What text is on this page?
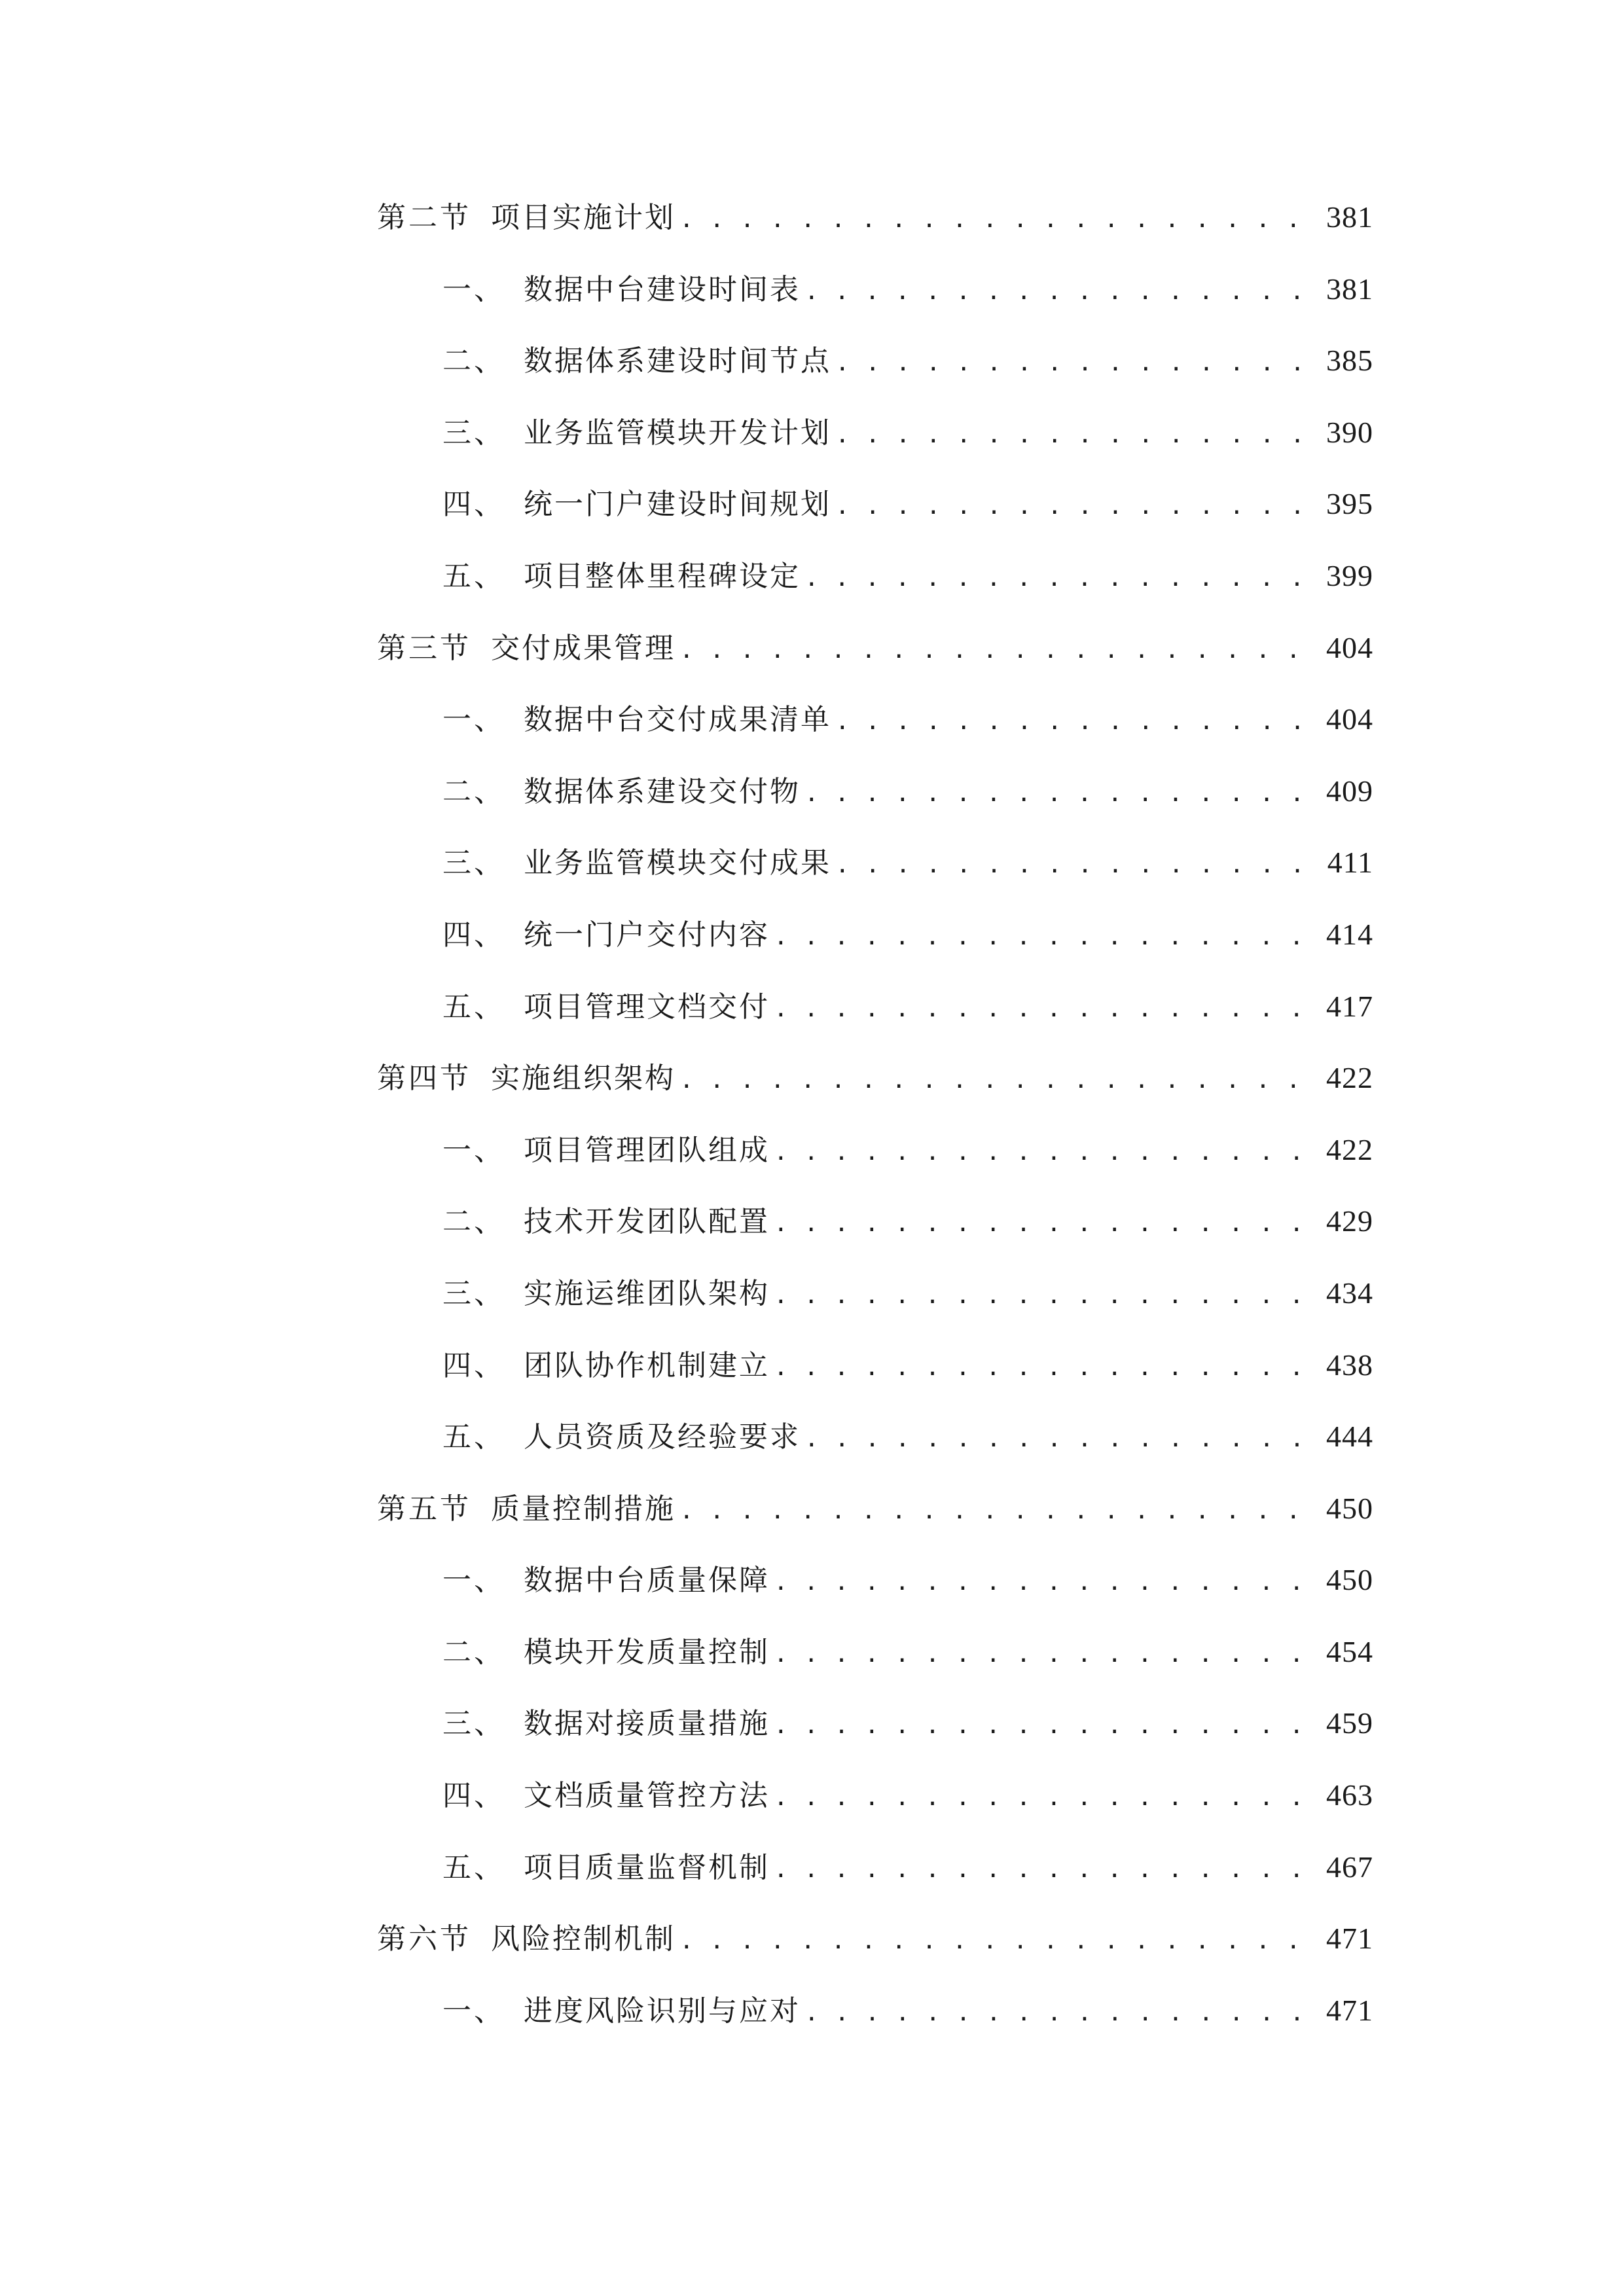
第二节 项目实施计划 . . .	381
一、 数据中台建设时间表 . . .	381
二、 数据体系建设时间节点 . . .	385
三、 业务监管模块开发计划 . . .	390
四、 统一门户建设时间规划 . . .	395
五、 项目整体里程碑设定 . . .	399
第三节 交付成果管理 . . .	404
一、 数据中台交付成果清单 . . .	404
二、 数据体系建设交付物 . . .	409
三、 业务监管模块交付成果 . . .	411
四、 统一门户交付内容 . . .	414
五、 项目管理文档交付 . . .	417
第四节 实施组织架构 . . .	422
一、 项目管理团队组成 . . .	422
二、 技术开发团队配置 . . .	429
三、 实施运维团队架构 . . .	434
四、 团队协作机制建立 . . .	438
五、 人员资质及经验要求 . . .	444
第五节 质量控制措施 . . .	450
一、 数据中台质量保障 . . .	450
二、 模块开发质量控制 . . .	454
三、 数据对接质量措施 . . .	459
四、 文档质量管控方法 . . .	463
五、 项目质量监督机制 . . .	467
第六节 风险控制机制 . . .	471
一、 进度风险识别与应对 . . .	471
